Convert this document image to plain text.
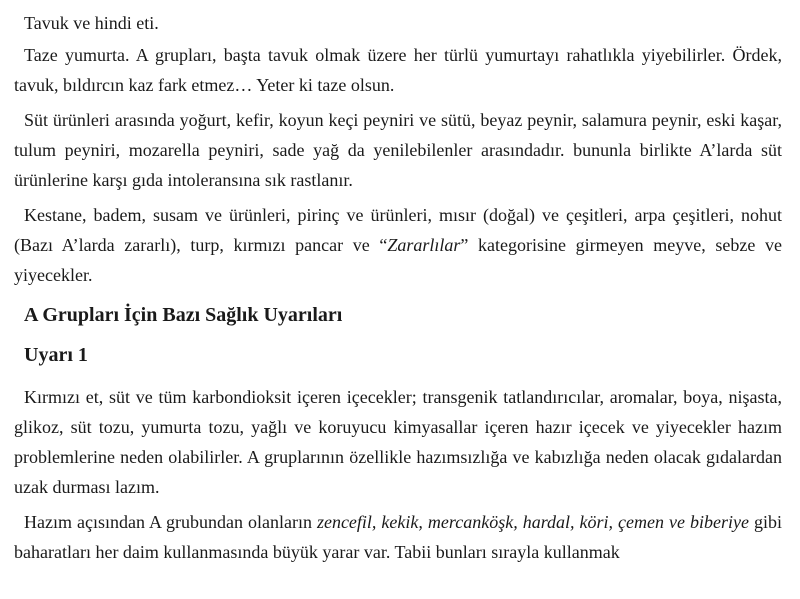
Tavuk ve hindi eti.

Taze yumurta. A grupları, başta tavuk olmak üzere her türlü yumurtayı rahatlıkla yiyebilirler. Ördek, tavuk, bıldırcın kaz fark etmez… Yeter ki taze olsun.

Süt ürünleri arasında yoğurt, kefir, koyun keçi peyniri ve sütü, beyaz peynir, salamura peynir, eski kaşar, tulum peyniri, mozarella peyniri, sade yağ da yenilebilenler arasındadır. bununla birlikte A’larda süt ürünlerine karşı gıda intoleransına sık rastlanır.

Kestane, badem, susam ve ürünleri, pirinç ve ürünleri, mısır (doğal) ve çeşitleri, arpa çeşitleri, nohut (Bazı A’larda zararlı), turp, kırmızı pancar ve “Zararlılar” kategorisine girmeyen meyve, sebze ve yiyecekler.

A Grupları İçin Bazı Sağlık Uyarıları
Uyarı 1

Kırmızı et, süt ve tüm karbondioksit içeren içecekler; transgenik tatlandırıcılar, aromalar, boya, nişasta, glikoz, süt tozu, yumurta tozu, yağlı ve koruyucu kimyasallar içeren hazır içecek ve yiyecekler hazım problemlerine neden olabilirler. A gruplarının özellikle hazımsızlığa ve kabızlığa neden olacak gıdalardan uzak durması lazım.

Hazım açısından A grubundan olanların zencefil, kekik, mercanköşk, hardal, köri, çemen ve biberiye gibi baharatları her daim kullanmasında büyük yarar var. Tabii bunları sırayla kullanmak
